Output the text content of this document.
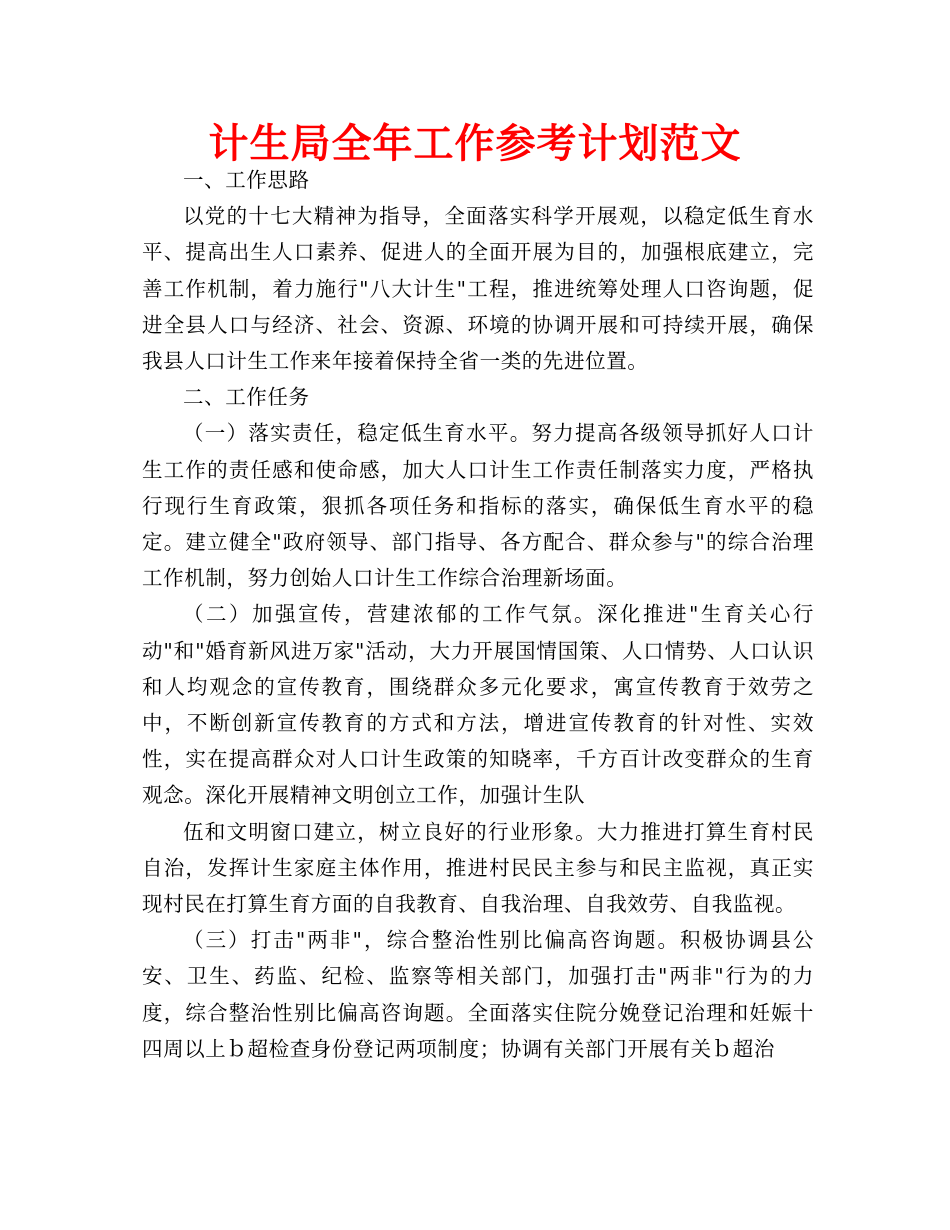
计生局全年工作参考计划范文

一、工作思路

以党的十七大精神为指导，全面落实科学开展观，以稳定低生育水平、提高出生人口素养、促进人的全面开展为目的，加强根底建立，完善工作机制，着力施行"八大计生"工程，推进统筹处理人口咨询题，促进全县人口与经济、社会、资源、环境的协调开展和可持续开展，确保我县人口计生工作来年接着保持全省一类的先进位置。

二、工作任务

（一）落实责任，稳定低生育水平。努力提高各级领导抓好人口计生工作的责任感和使命感，加大人口计生工作责任制落实力度，严格执行现行生育政策，狠抓各项任务和指标的落实，确保低生育水平的稳定。建立健全"政府领导、部门指导、各方配合、群众参与"的综合治理工作机制，努力创始人口计生工作综合治理新场面。

（二）加强宣传，营建浓郁的工作气氛。深化推进"生育关心行动"和"婚育新风进万家"活动，大力开展国情国策、人口情势、人口认识和人均观念的宣传教育，围绕群众多元化要求，寓宣传教育于效劳之中，不断创新宣传教育的方式和方法，增进宣传教育的针对性、实效性，实在提高群众对人口计生政策的知晓率，千方百计改变群众的生育观念。深化开展精神文明创立工作，加强计生队

伍和文明窗口建立，树立良好的行业形象。大力推进打算生育村民自治，发挥计生家庭主体作用，推进村民民主参与和民主监视，真正实现村民在打算生育方面的自我教育、自我治理、自我效劳、自我监视。

（三）打击"两非"，综合整治性别比偏高咨询题。积极协调县公安、卫生、药监、纪检、监察等相关部门，加强打击"两非"行为的力度，综合整治性别比偏高咨询题。全面落实住院分娩登记治理和妊娠十四周以上ｂ超检查身份登记两项制度；协调有关部门开展有关ｂ超治
